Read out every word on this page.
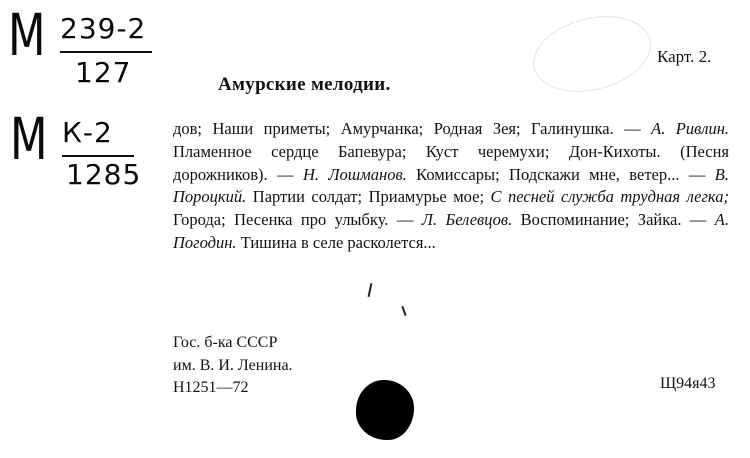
М 239-2
127
М К-2
1285
Карт. 2.
Амурские мелодии.
дов; Наши приметы; Амурчанка; Родная Зея; Галинушка. — А. Ривлин. Пламенное сердце Бапевура; Куст черемухи; Дон-Кихоты. (Песня дорожников). — Н. Лошманов. Комиссары; Подскажи мне, ветер... — В. Пороцкий. Партии солдат; Приамурье мое; С песней служба трудная легка; Города; Песенка про улыбку. — Л. Белевцов. Воспоминание; Зайка. — А. Погодин. Тишина в селе расколется...
Гос. б-ка СССР
им. В. И. Ленина.
Н1251—72	Щ94я43
